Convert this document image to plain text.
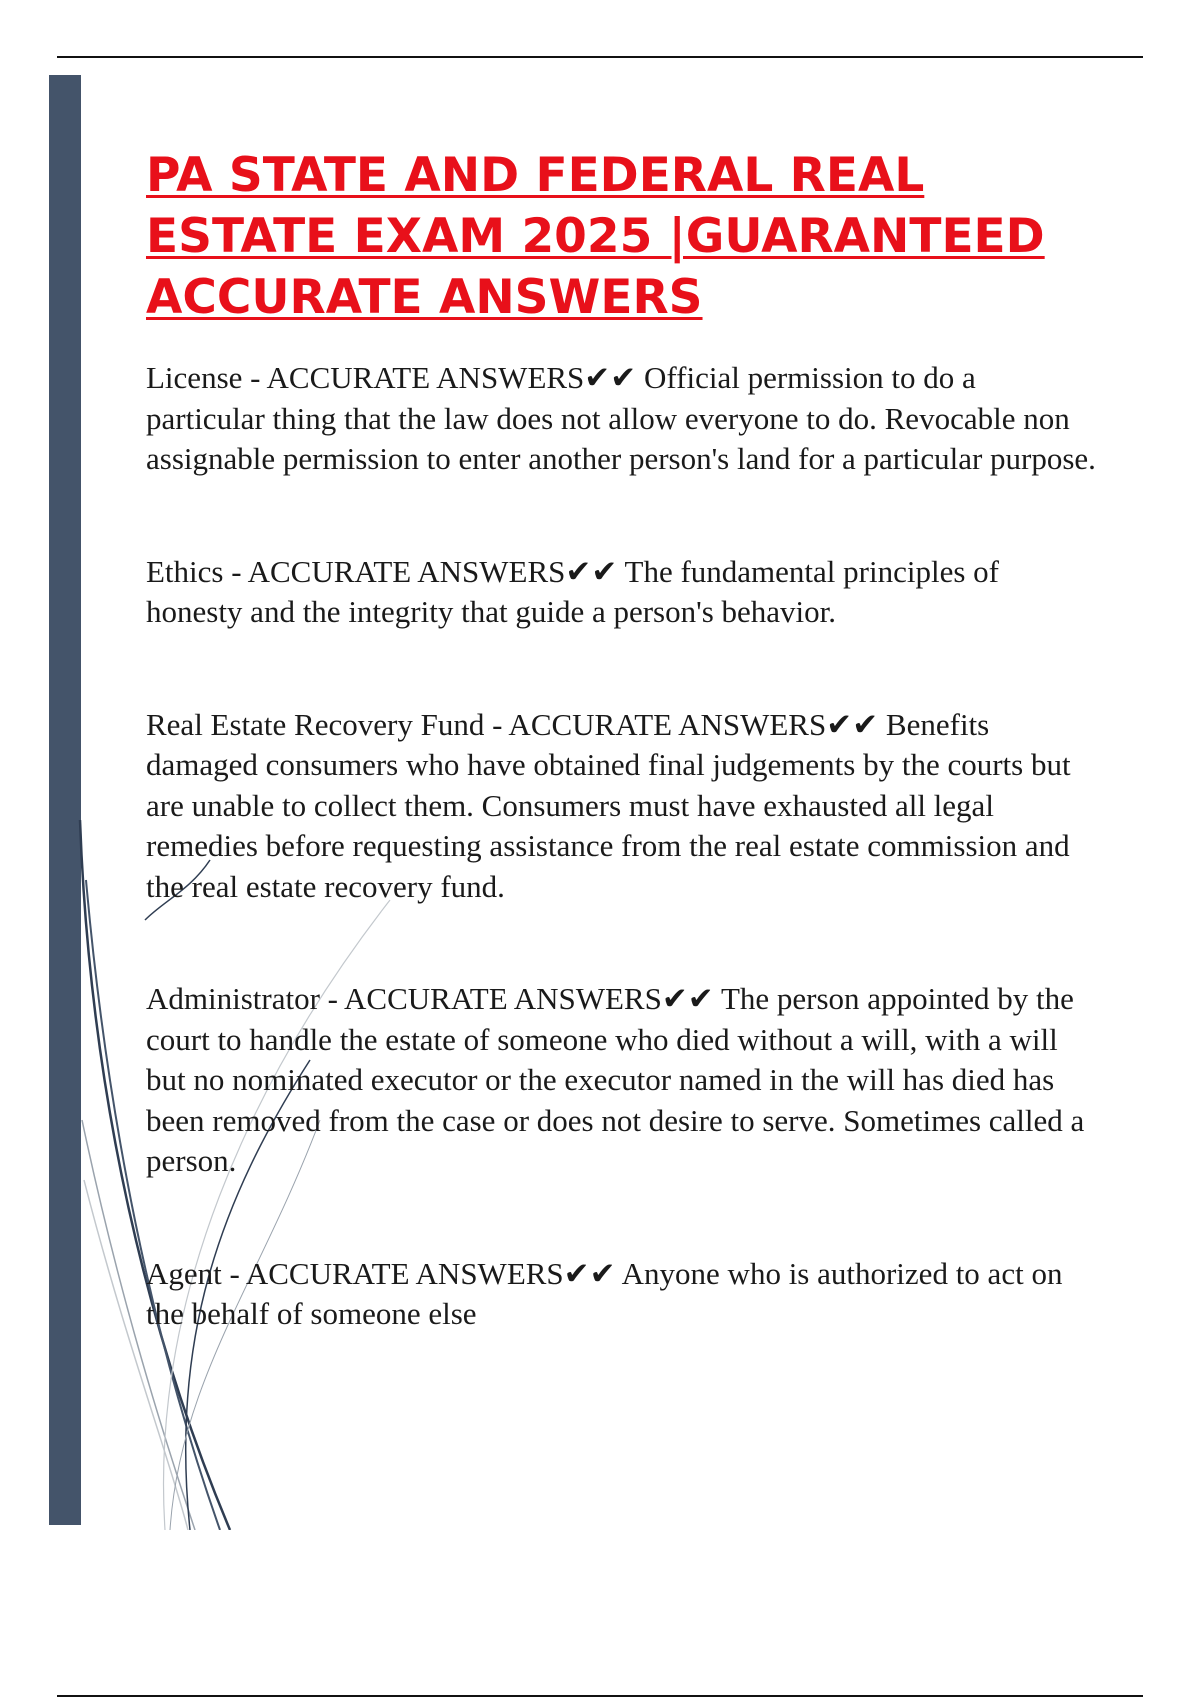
PA STATE AND FEDERAL REAL ESTATE EXAM 2025 |GUARANTEED ACCURATE ANSWERS

License - ACCURATE ANSWERS✔✔ Official permission to do a particular thing that the law does not allow everyone to do. Revocable non assignable permission to enter another person's land for a particular purpose.

Ethics - ACCURATE ANSWERS✔✔ The fundamental principles of honesty and the integrity that guide a person's behavior.

Real Estate Recovery Fund - ACCURATE ANSWERS✔✔ Benefits damaged consumers who have obtained final judgements by the courts but are unable to collect them. Consumers must have exhausted all legal remedies before requesting assistance from the real estate commission and the real estate recovery fund.

Administrator - ACCURATE ANSWERS✔✔ The person appointed by the court to handle the estate of someone who died without a will, with a will but no nominated executor or the executor named in the will has died has been removed from the case or does not desire to serve. Sometimes called a person.

Agent - ACCURATE ANSWERS✔✔ Anyone who is authorized to act on the behalf of someone else
